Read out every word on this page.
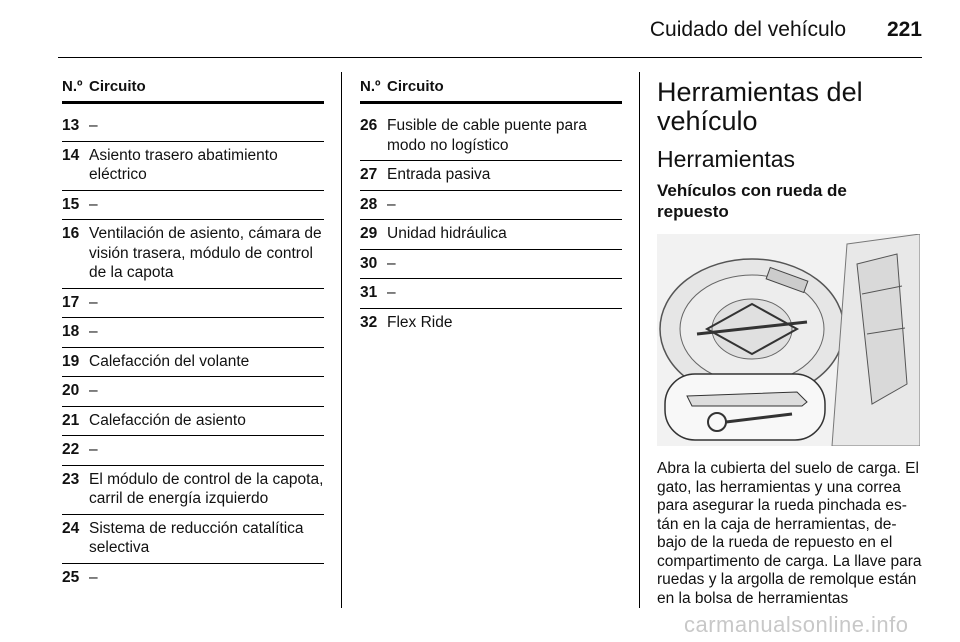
Cuidado del vehículo	221
N.º Circuito
13 –
14 Asiento trasero abatimiento eléctrico
15 –
16 Ventilación de asiento, cámara de visión trasera, módulo de control de la capota
17 –
18 –
19 Calefacción del volante
20 –
21 Calefacción de asiento
22 –
23 El módulo de control de la capota, carril de energía izquierdo
24 Sistema de reducción catalítica selectiva
25 –
N.º Circuito
26 Fusible de cable puente para modo no logístico
27 Entrada pasiva
28 –
29 Unidad hidráulica
30 –
31 –
32 Flex Ride
Herramientas del vehículo
Herramientas
Vehículos con rueda de repuesto
Abra la cubierta del suelo de carga. El gato, las herramientas y una correa para asegurar la rueda pinchada es- tán en la caja de herramientas, de- bajo de la rueda de repuesto en el compartimento de carga. La llave para ruedas y la argolla de remolque están en la bolsa de herramientas
carmanualsonline.info
